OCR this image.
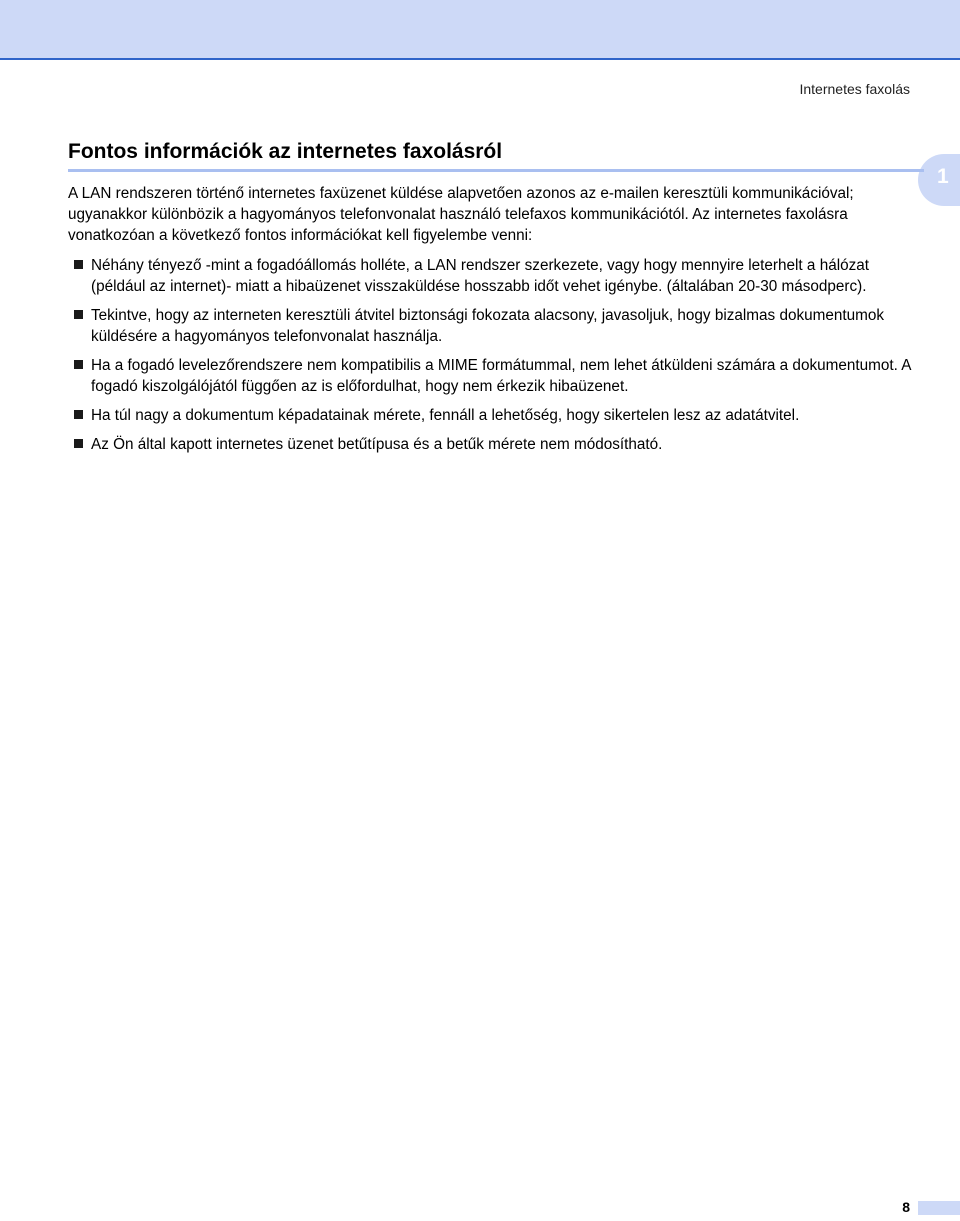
Internetes faxolás
1
Fontos információk az internetes faxolásról

A LAN rendszeren történő internetes faxüzenet küldése alapvetően azonos az e-mailen keresztüli kommunikációval; ugyanakkor különbözik a hagyományos telefonvonalat használó telefaxos kommunikációtól. Az internetes faxolásra vonatkozóan a következő fontos információkat kell figyelembe venni:

Néhány tényező -mint a fogadóállomás holléte, a LAN rendszer szerkezete, vagy hogy mennyire leterhelt a hálózat (például az internet)- miatt a hibaüzenet visszaküldése hosszabb időt vehet igénybe. (általában 20-30 másodperc).
Tekintve, hogy az interneten keresztüli átvitel biztonsági fokozata alacsony, javasoljuk, hogy bizalmas dokumentumok küldésére a hagyományos telefonvonalat használja.
Ha a fogadó levelezőrendszere nem kompatibilis a MIME formátummal, nem lehet átküldeni számára a dokumentumot. A fogadó kiszolgálójától függően az is előfordulhat, hogy nem érkezik hibaüzenet.
Ha túl nagy a dokumentum képadatainak mérete, fennáll a lehetőség, hogy sikertelen lesz az adatátvitel.
Az Ön által kapott internetes üzenet betűtípusa és a betűk mérete nem módosítható.
8
